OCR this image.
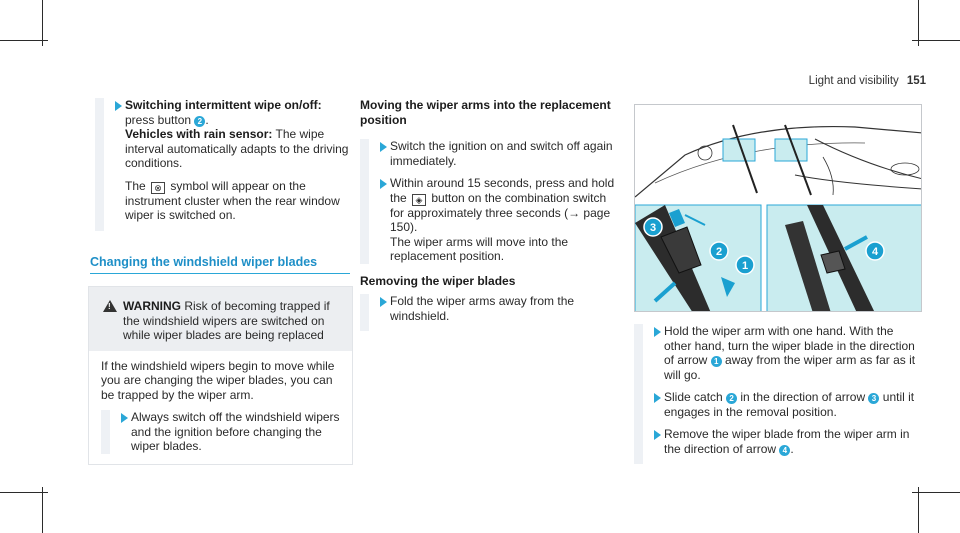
Light and visibility 151
Switching intermittent wipe on/off: press button 2 .
Vehicles with rain sensor: The wipe interval automatically adapts to the driving conditions.
The ⊗ symbol will appear on the instrument cluster when the rear window wiper is switched on.
Changing the windshield wiper blades
!
WARNING Risk of becoming trapped if the windshield wipers are switched on while wiper blades are being replaced
If the windshield wipers begin to move while you are changing the wiper blades, you can be trapped by the wiper arm.
Always switch off the windshield wipers and the ignition before changing the wiper blades.
Moving the wiper arms into the replacement position
Switch the ignition on and switch off again immediately.
Within around 15 seconds, press and hold the ◈ button on the combination switch for approximately three seconds (→ page 150).
The wiper arms will move into the replacement position.
Removing the wiper blades
Fold the wiper arms away from the windshield.
1
2
3
4
Hold the wiper arm with one hand. With the other hand, turn the wiper blade in the direction of arrow 1 away from the wiper arm as far as it will go.
Slide catch 2 in the direction of arrow 3 until it engages in the removal position.
Remove the wiper blade from the wiper arm in the direction of arrow 4 .
